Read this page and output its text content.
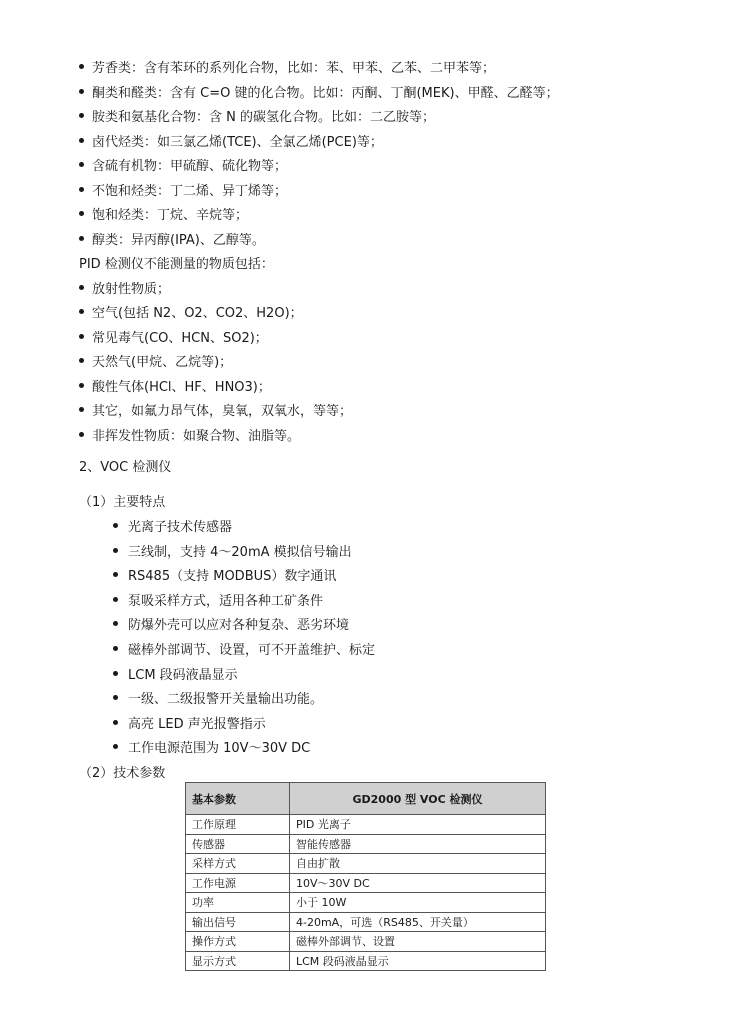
芳香类：含有苯环的系列化合物，比如：苯、甲苯、乙苯、二甲苯等；
酮类和醛类：含有 C=O 键的化合物。比如：丙酮、丁酮(MEK)、甲醛、乙醛等；
胺类和氨基化合物：含 N 的碳氢化合物。比如：二乙胺等；
卤代烃类：如三氯乙烯(TCE)、全氯乙烯(PCE)等；
含硫有机物：甲硫醇、硫化物等；
不饱和烃类：丁二烯、异丁烯等；
饱和烃类：丁烷、辛烷等；
醇类：异丙醇(IPA)、乙醇等。
PID 检测仪不能测量的物质包括：
放射性物质；
空气(包括 N2、O2、CO2、H2O)；
常见毒气(CO、HCN、SO2)；
天然气(甲烷、乙烷等)；
酸性气体(HCl、HF、HNO3)；
其它，如氟力昂气体，臭氧，双氧水，等等；
非挥发性物质：如聚合物、油脂等。
2、VOC 检测仪
（1）主要特点
光离子技术传感器
三线制，支持 4～20mA 模拟信号输出
RS485（支持 MODBUS）数字通讯
泵吸采样方式，适用各种工矿条件
防爆外壳可以应对各种复杂、恶劣环境
磁棒外部调节、设置，可不开盖维护、标定
LCM 段码液晶显示
一级、二级报警开关量输出功能。
高亮 LED 声光报警指示
工作电源范围为 10V～30V DC
（2）技术参数
基本参数	GD2000 型 VOC 检测仪
工作原理	PID 光离子
传感器	智能传感器
采样方式	自由扩散
工作电源	10V～30V DC
功率	小于 10W
输出信号	4-20mA，可选（RS485、开关量）
操作方式	磁棒外部调节、设置
显示方式	LCM 段码液晶显示
